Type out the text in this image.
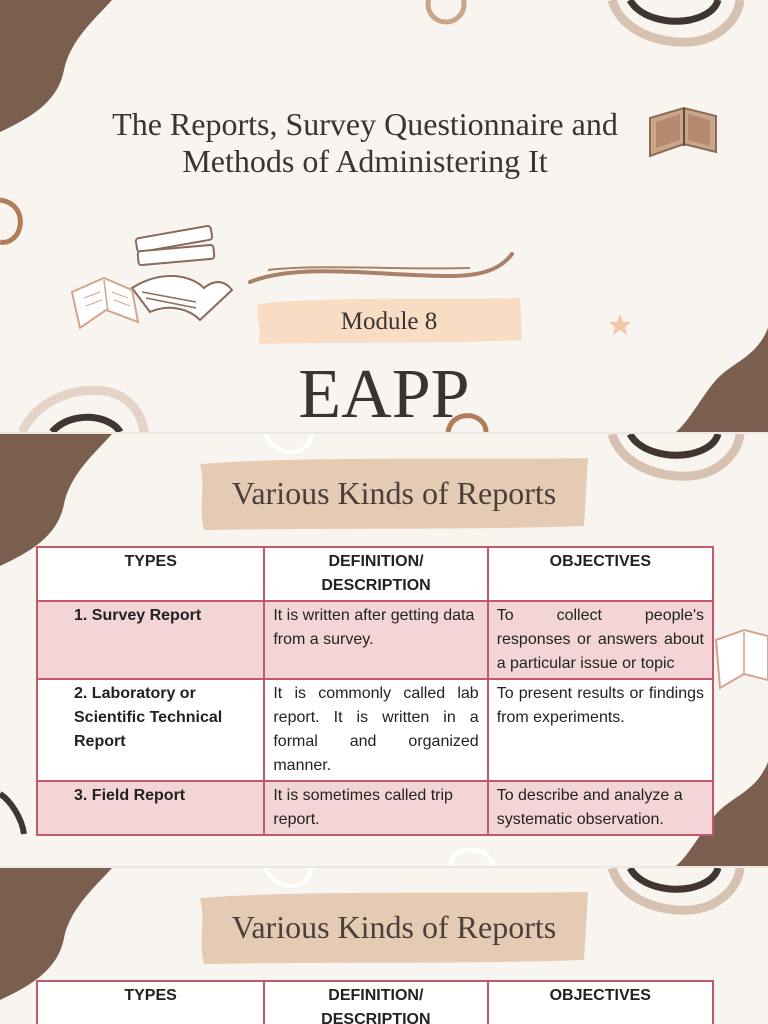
The Reports, Survey Questionnaire and
Methods of Administering It
Module 8
EAPP
Various Kinds of Reports
TYPES	DEFINITION/ DESCRIPTION	OBJECTIVES
1. Survey Report	It is written after getting data from a survey.	To collect people's responses or answers about a particular issue or topic
2. Laboratory or Scientific Technical Report	It is commonly called lab report. It is written in a formal and organized manner.	To present results or findings from experiments.
3. Field Report	It is sometimes called trip report.	To describe and analyze a systematic observation.
Various Kinds of Reports
TYPES	DEFINITION/ DESCRIPTION	OBJECTIVES
